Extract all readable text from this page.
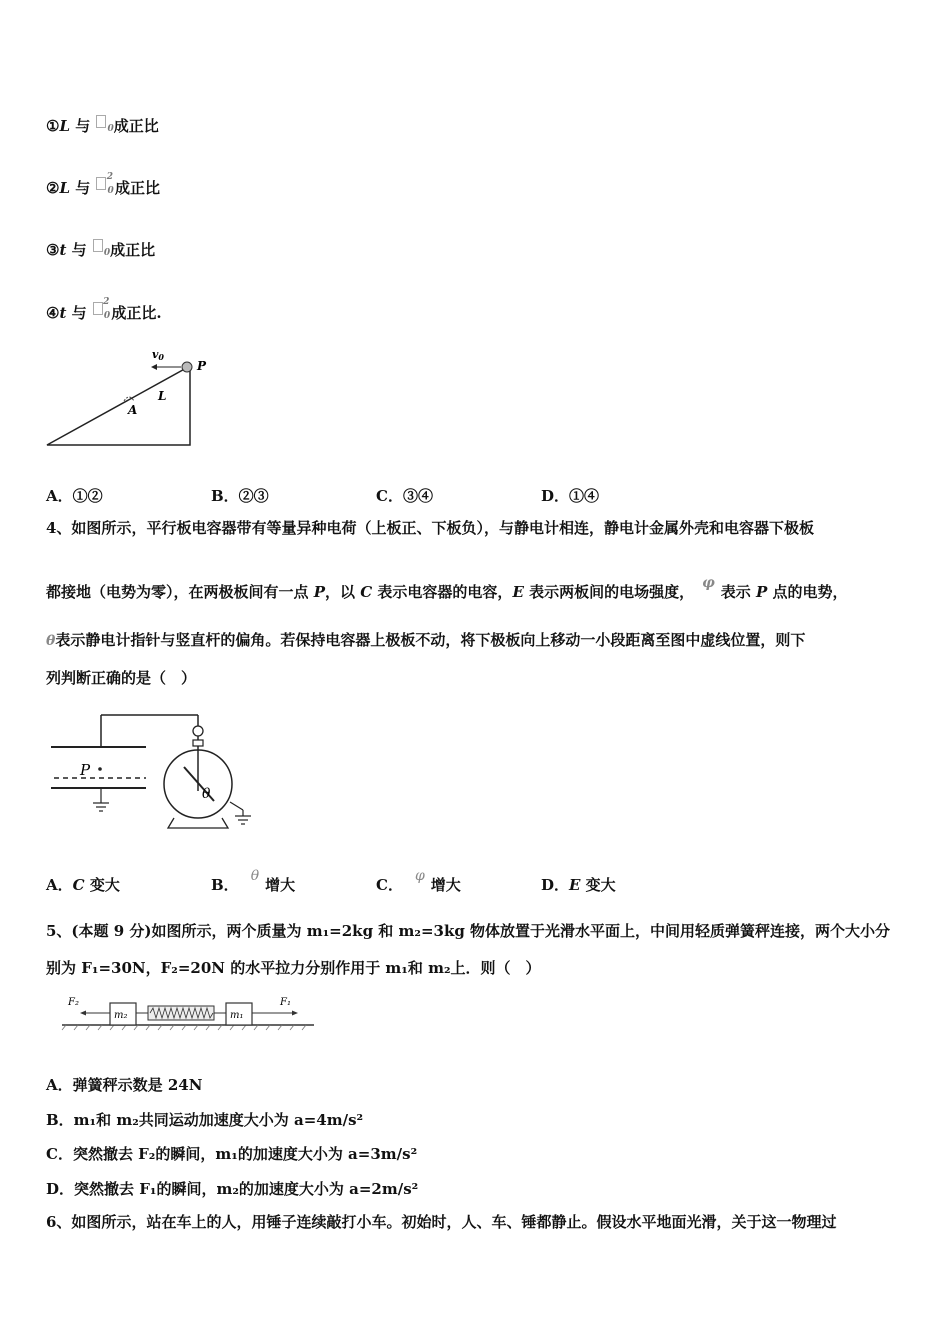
①L 与 0成正比
②L 与 $0^2$成正比
③t 与 0成正比
④t 与 $0^2$成正比.
v0
P
A
L
A．①②	B．②③	C．③④	D．①④
4、如图所示，平行板电容器带有等量异种电荷（上板正、下板负），与静电计相连，静电计金属外壳和电容器下极板
都接地（电势为零），在两极板间有一点 P，以 C 表示电容器的电容，E 表示两板间的电场强度， φ 表示 P 点的电势，
θ表示静电计指针与竖直杆的偏角。若保持电容器上极板不动，将下极板向上移动一小段距离至图中虚线位置，则下
列判断正确的是（　）
P
θ
A．C 变大	B． θ 增大	C． φ 增大	D．E 变大
5、(本题 9 分)如图所示，两个质量为 m₁=2kg 和 m₂=3kg 物体放置于光滑水平面上，中间用轻质弹簧秤连接，两个大小分
别为 F₁=30N，F₂=20N 的水平拉力分别作用于 m₁和 m₂上．则（　）
F₂
m₂	m₁
F₁
A．弹簧秤示数是 24N
B．m₁和 m₂共同运动加速度大小为 a=4m/s²
C．突然撤去 F₂的瞬间，m₁的加速度大小为 a=3m/s²
D．突然撤去 F₁的瞬间，m₂的加速度大小为 a=2m/s²
6、如图所示，站在车上的人，用锤子连续敲打小车。初始时，人、车、锤都静止。假设水平地面光滑，关于这一物理过
